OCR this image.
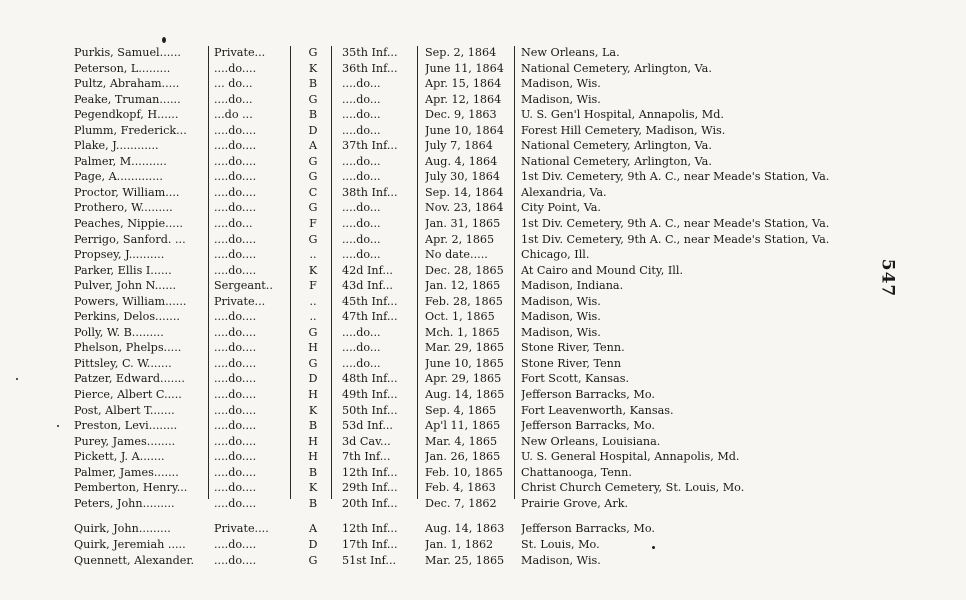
Purkis, Samuel......	Private...	G	35th Inf...	Sep. 2, 1864	New Orleans, La.
Peterson, L.........	....do....	K	36th Inf...	June 11, 1864	National Cemetery, Arlington, Va.
Pultz, Abraham.....	... do...	B	....do...	Apr. 15, 1864	Madison, Wis.
Peake, Truman......	....do...	G	....do...	Apr. 12, 1864	Madison, Wis.
Pegendkopf, H......	...do ...	B	....do...	Dec. 9, 1863	U. S. Gen'l Hospital, Annapolis, Md.
Plumm, Frederick...	....do....	D	....do...	June 10, 1864	Forest Hill Cemetery, Madison, Wis.
Plake, J............	....do....	A	37th Inf...	July 7, 1864	National Cemetery, Arlington, Va.
Palmer, M..........	....do....	G	....do...	Aug. 4, 1864	National Cemetery, Arlington, Va.
Page, A.............	....do....	G	....do...	July 30, 1864	1st Div. Cemetery, 9th A. C., near Meade's Station, Va.
Proctor, William....	....do....	C	38th Inf...	Sep. 14, 1864	Alexandria, Va.
Prothero, W.........	....do....	G	....do...	Nov. 23, 1864	City Point, Va.
Peaches, Nippie.....	....do...	F	....do...	Jan. 31, 1865	1st Div. Cemetery, 9th A. C., near Meade's Station, Va.
Perrigo, Sanford. ...	....do....	G	....do...	Apr. 2, 1865	1st Div. Cemetery, 9th A. C., near Meade's Station, Va.
Propsey, J..........	....do....	..	....do...	No date.....	Chicago, Ill.
Parker, Ellis I......	....do....	K	42d Inf...	Dec. 28, 1865	At Cairo and Mound City, Ill.
Pulver, John N......	Sergeant..	F	43d Inf...	Jan. 12, 1865	Madison, Indiana.
Powers, William......	Private...	..	45th Inf...	Feb. 28, 1865	Madison, Wis.
Perkins, Delos.......	....do....	..	47th Inf...	Oct. 1, 1865	Madison, Wis.
Polly, W. B.........	....do....	G	....do...	Mch. 1, 1865	Madison, Wis.
Phelson, Phelps.....	....do....	H	....do...	Mar. 29, 1865	Stone River, Tenn.
Pittsley, C. W.......	....do....	G	....do...	June 10, 1865	Stone River, Tenn
Patzer, Edward.......	....do....	D	48th Inf...	Apr. 29, 1865	Fort Scott, Kansas.
Pierce, Albert C.....	....do....	H	49th Inf...	Aug. 14, 1865	Jefferson Barracks, Mo.
Post, Albert T.......	....do....	K	50th Inf...	Sep. 4, 1865	Fort Leavenworth, Kansas.
Preston, Levi........	....do....	B	53d Inf...	Ap'l 11, 1865	Jefferson Barracks, Mo.
Purey, James........	....do....	H	3d Cav...	Mar. 4, 1865	New Orleans, Louisiana.
Pickett, J. A.......	....do....	H	7th Inf...	Jan. 26, 1865	U. S. General Hospital, Annapolis, Md.
Palmer, James.......	....do....	B	12th Inf...	Feb. 10, 1865	Chattanooga, Tenn.
Pemberton, Henry...	....do....	K	29th Inf...	Feb. 4, 1863	Christ Church Cemetery, St. Louis, Mo.
Peters, John.........	....do....	B	20th Inf...	Dec. 7, 1862	Prairie Grove, Ark.
Quirk, John.........	Private....	A	12th Inf...	Aug. 14, 1863	Jefferson Barracks, Mo.
Quirk, Jeremiah .....	....do....	D	17th Inf...	Jan. 1, 1862	St. Louis, Mo.
Quennett, Alexander.	....do....	G	51st Inf...	Mar. 25, 1865	Madison, Wis.
547
